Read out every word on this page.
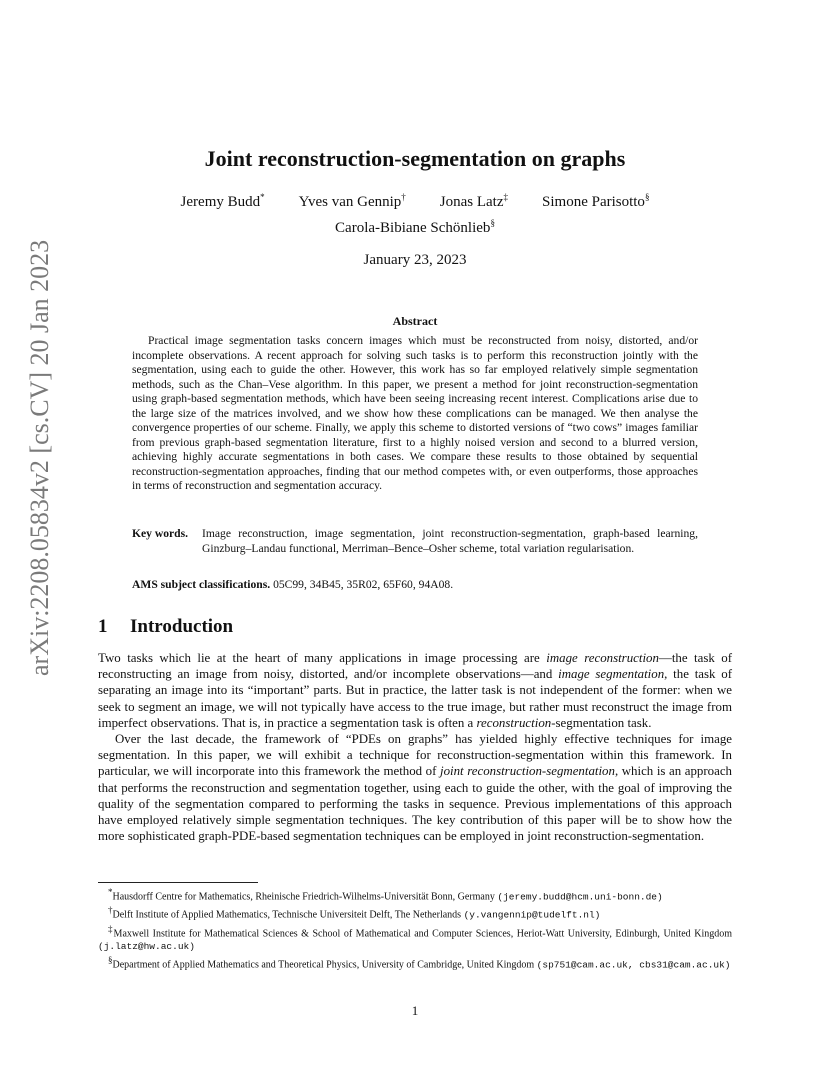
arXiv:2208.05834v2 [cs.CV] 20 Jan 2023
Joint reconstruction-segmentation on graphs
Jeremy Budd* Yves van Gennip† Jonas Latz‡ Simone Parisotto§
Carola-Bibiane Schönlieb§
January 23, 2023
Abstract

Practical image segmentation tasks concern images which must be reconstructed from noisy, distorted, and/or incomplete observations. A recent approach for solving such tasks is to perform this reconstruction jointly with the segmentation, using each to guide the other. However, this work has so far employed relatively simple segmentation methods, such as the Chan–Vese algorithm. In this paper, we present a method for joint reconstruction-segmentation using graph-based segmentation methods, which have been seeing increasing recent interest. Complications arise due to the large size of the matrices involved, and we show how these complications can be managed. We then analyse the convergence properties of our scheme. Finally, we apply this scheme to distorted versions of “two cows” images familiar from previous graph-based segmentation literature, first to a highly noised version and second to a blurred version, achieving highly accurate segmentations in both cases. We compare these results to those obtained by sequential reconstruction-segmentation approaches, finding that our method competes with, or even outperforms, those approaches in terms of reconstruction and segmentation accuracy.

Key words. Image reconstruction, image segmentation, joint reconstruction-segmentation, graph-based learning, Ginzburg–Landau functional, Merriman–Bence–Osher scheme, total variation regularisation.
AMS subject classifications. 05C99, 34B45, 35R02, 65F60, 94A08.
1 Introduction

Two tasks which lie at the heart of many applications in image processing are image reconstruction—the task of reconstructing an image from noisy, distorted, and/or incomplete observations—and image segmentation, the task of separating an image into its “important” parts. But in practice, the latter task is not independent of the former: when we seek to segment an image, we will not typically have access to the true image, but rather must reconstruct the image from imperfect observations. That is, in practice a segmentation task is often a reconstruction-segmentation task.

Over the last decade, the framework of “PDEs on graphs” has yielded highly effective techniques for image segmentation. In this paper, we will exhibit a technique for reconstruction-segmentation within this framework. In particular, we will incorporate into this framework the method of joint reconstruction-segmentation, which is an approach that performs the reconstruction and segmentation together, using each to guide the other, with the goal of improving the quality of the segmentation compared to performing the tasks in sequence. Previous implementations of this approach have employed relatively simple segmentation techniques. The key contribution of this paper will be to show how the more sophisticated graph-PDE-based segmentation techniques can be employed in joint reconstruction-segmentation.

*Hausdorff Centre for Mathematics, Rheinische Friedrich-Wilhelms-Universität Bonn, Germany (jeremy.budd@hcm.uni-bonn.de)

†Delft Institute of Applied Mathematics, Technische Universiteit Delft, The Netherlands (y.vangennip@tudelft.nl)

‡Maxwell Institute for Mathematical Sciences & School of Mathematical and Computer Sciences, Heriot-Watt University, Edinburgh, United Kingdom (j.latz@hw.ac.uk)

§Department of Applied Mathematics and Theoretical Physics, University of Cambridge, United Kingdom (sp751@cam.ac.uk, cbs31@cam.ac.uk)

1
